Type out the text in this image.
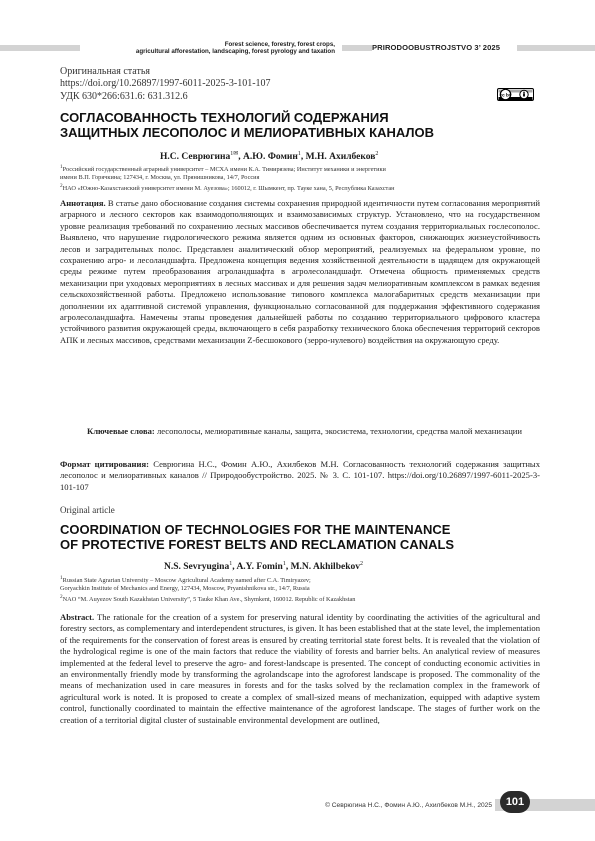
Forest science, forestry, forest crops,
agricultural afforestation, landscaping, forest pyrology and taxation	PRIRODOOBUSTROJSTVO 3’ 2025
Оригинальная статья
https://doi.org/10.26897/1997-6011-2025-3-101-107
УДК 630*266:631.6: 631.312.6	cc by
СОГЛАСОВАННОСТЬ ТЕХНОЛОГИЙ СОДЕРЖАНИЯ
ЗАЩИТНЫХ ЛЕСОПОЛОС И МЕЛИОРАТИВНЫХ КАНАЛОВ
Н.С. Севрюгина$^{1✉}$, А.Ю. Фомин$^1$, М.Н. Ахилбеков$^2$
$^1$Российский государственный аграрный университет – МСХА имени К.А. Тимирязева; Институт механики и энергетики
имени В.П. Горячкина; 127434, г. Москва, ул. Прянишникова, 14/7, Россия
$^2$НАО «Южно-Казахстанский университет имени М. Ауезова»; 160012, г. Шымкент, пр. Тауке хана, 5, Республика Казахстан
Аннотация. В статье дано обоснование создания системы сохранения природной идентичности путем согласования мероприятий аграрного и лесного секторов как взаимодополняющих и взаимозависимых структур. Установлено, что на государственном уровне реализация требований по сохранению лесных массивов обеспечивается путем создания территориальных гослесополос. Выявлено, что нарушение гидрологического режима является одним из основных факторов, снижающих жизнеустойчивость лесов и заградительных полос. Представлен аналитический обзор мероприятий, реализуемых на федеральном уровне, по сохранению агро- и лесоландшафта. Предложена концепция ведения хозяйственной деятельности в щадящем для окружающей среды режиме путем преобразования агроландшафта в агролесоландшафт. Отмечена общность применяемых средств механизации при уходовых мероприятиях в лесных массивах и для решения задач мелиоративным комплексом в рамках ведения сельскохозяйственной работы. Предложено использование типового комплекса малогабаритных средств механизации при дополнении их адаптивной системой управления, функционально согласованной для поддержания эффективного содержания агролесоландшафта. Намечены этапы проведения дальнейшей работы по созданию территориального цифрового кластера устойчивого развития окружающей среды, включающего в себя разработку технического блока обеспечения территорий секторов АПК и лесных массивов, средствами механизации Z-бесшокового (зерро-нулевого) воздействия на окружающую среду.
Ключевые слова: лесополосы, мелиоративные каналы, защита, экосистема, технологии, средства малой механизации
Формат цитирования: Севрюгина Н.С., Фомин А.Ю., Ахилбеков М.Н. Согласованность технологий содержания защитных лесополос и мелиоративных каналов // Природообустройство. 2025. № 3. С. 101-107. https://doi.org/10.26897/1997-6011-2025-3-101-107
Original article
COORDINATION OF TECHNOLOGIES FOR THE MAINTENANCE
OF PROTECTIVE FOREST BELTS AND RECLAMATION CANALS
N.S. Sevryugina$^1$, A.Y. Fomin$^1$, M.N. Akhilbekov$^2$
$^1$Russian State Agrarian University – Moscow Agricultural Academy named after C.A. Timiryazev;
Goryachkin Institute of Mechanics and Energy, 127434, Moscow, Pryanishnikova str., 14/7, Russia
$^2$NAO “M. Auyezov South Kazakhstan University”, 5 Tauke Khan Ave., Shymkent, 160012. Republic of Kazakhstan
Abstract. The rationale for the creation of a system for preserving natural identity by coordinating the activities of the agricultural and forestry sectors, as complementary and interdependent structures, is given. It has been established that at the state level, the implementation of the requirements for the conservation of forest areas is ensured by creating territorial state forest belts. It is revealed that the violation of the hydrological regime is one of the main factors that reduce the viability of forests and barrier belts. An analytical review of measures implemented at the federal level to preserve the agro- and forest-landscape is presented. The concept of conducting economic activities in an environmentally friendly mode by transforming the agrolandscape into the agroforest landscape is proposed. The commonality of the means of mechanization used in care measures in forests and for the tasks solved by the reclamation complex in the framework of agricultural work is noted. It is proposed to create a complex of small-sized means of mechanization, equipped with adaptive system control, functionally coordinated to maintain the effective maintenance of the agroforest landscape. The stages of further work on the creation of a territorial digital cluster of sustainable environmental development are outlined,
© Севрюгина Н.С., Фомин А.Ю., Ахилбеков М.Н., 2025	101
